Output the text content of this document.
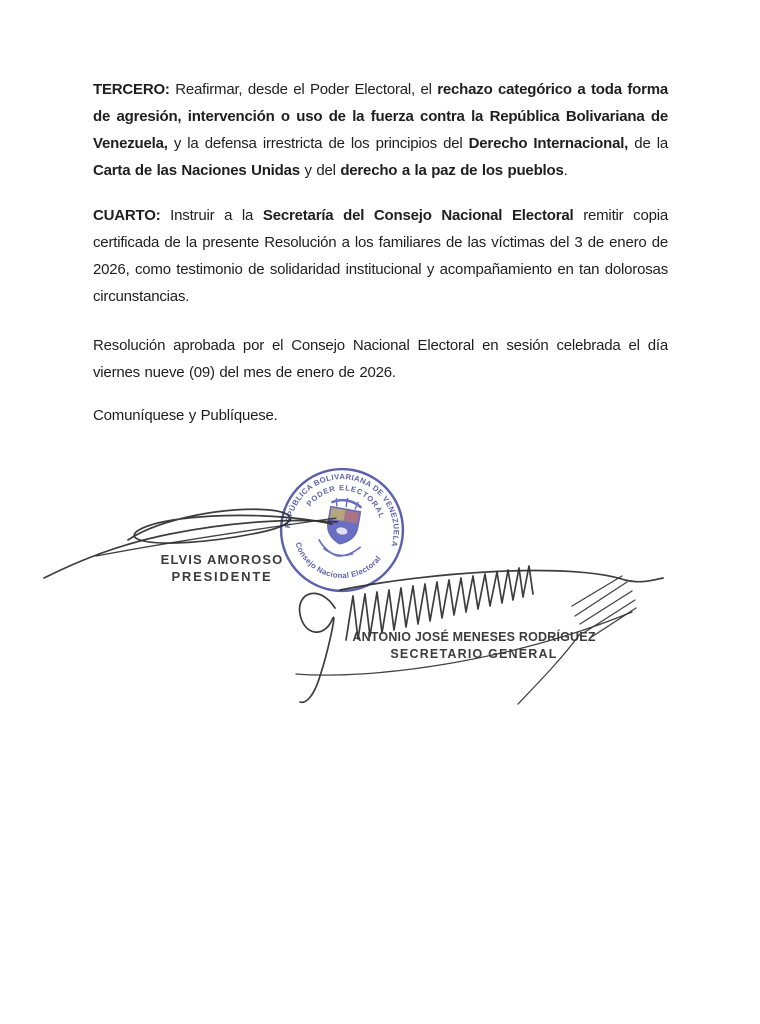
TERCERO: Reafirmar, desde el Poder Electoral, el rechazo categórico a toda forma de agresión, intervención o uso de la fuerza contra la República Bolivariana de Venezuela, y la defensa irrestricta de los principios del Derecho Internacional, de la Carta de las Naciones Unidas y del derecho a la paz de los pueblos.

CUARTO: Instruir a la Secretaría del Consejo Nacional Electoral remitir copia certificada de la presente Resolución a los familiares de las víctimas del 3 de enero de 2026, como testimonio de solidaridad institucional y acompañamiento en tan dolorosas circunstancias.

Resolución aprobada por el Consejo Nacional Electoral en sesión celebrada el día viernes nueve (09) del mes de enero de 2026.

Comuníquese y Publíquese.

REPÚBLICA BOLIVARIANA DE VENEZUELA
PODER ELECTORAL
Consejo Nacional Electoral
ELVIS AMOROSO
PRESIDENTE
ANTONIO JOSÉ MENESES RODRÍGUEZ
SECRETARIO GENERAL
